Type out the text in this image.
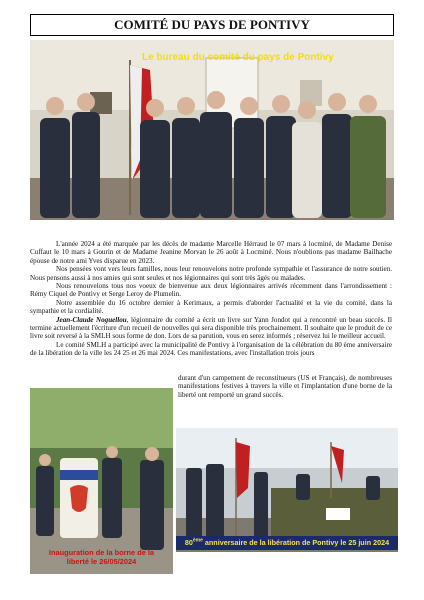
COMITÉ DU PAYS DE PONTIVY
Le bureau du comité du pays de Pontivy

L'année 2024 a été marquée par les décès de madame Marcelle Hérraud le 07 mars à locminé, de Madame Denise Cuffaut le 10 mars à Gourin et de Madame Jeanine Morvan le 26 août à Locminé. Nous n'oublions pas madame Bailhache épouse de notre ami Yves disparue en 2023.

Nos pensées vont vers leurs familles, nous leur renouvelons notre profonde sympathie et l'assurance de notre soutien. Nous pensons aussi à nos amies qui sont seules et nos légionnaires qui sont très âgés ou malades.

Nous renouvelons tous nos voeux de bienvenue aux deux légionnaires arrivés récemment dans l'arrondissement : Rémy Ciquel de Pontivy et Serge Leroy de Plumelin.

Notre assemblée du 16 octobre dernier à Kerimaux, a permis d'aborder l'actualité et la vie du comité, dans la sympathie et la cordialité.

Jean-Claude Noguellou, légionnaire du comité a écrit un livre sur Yann Jondot qui a rencontré un beau succès. Il termine actuellement l'écriture d'un recueil de nouvelles qui sera disponible très prochainement. Il souhaite que le produit de ce livre soit reversé à la SMLH sous forme de don. Lors de sa parution, vous en serez informés ; réservez lui le meilleur accueil.

Le comité SMLH a participé avec la municipalité de Pontivy à l'organisation de la célébration du 80 ème anniversaire de la libération de la ville les 24 25 et 26 mai 2024. Ces manifestations, avec l'installation trois jours

durant d'un campement de reconstitueurs (US et Français), de nombreuses manifestations festives à travers la ville et l'implantation d'une borne de la liberté ont remporté un grand succès.

Inauguration de la borne de la
liberté le 26/05/2024
80ème anniversaire de la libération de Pontivy le 25 juin 2024
